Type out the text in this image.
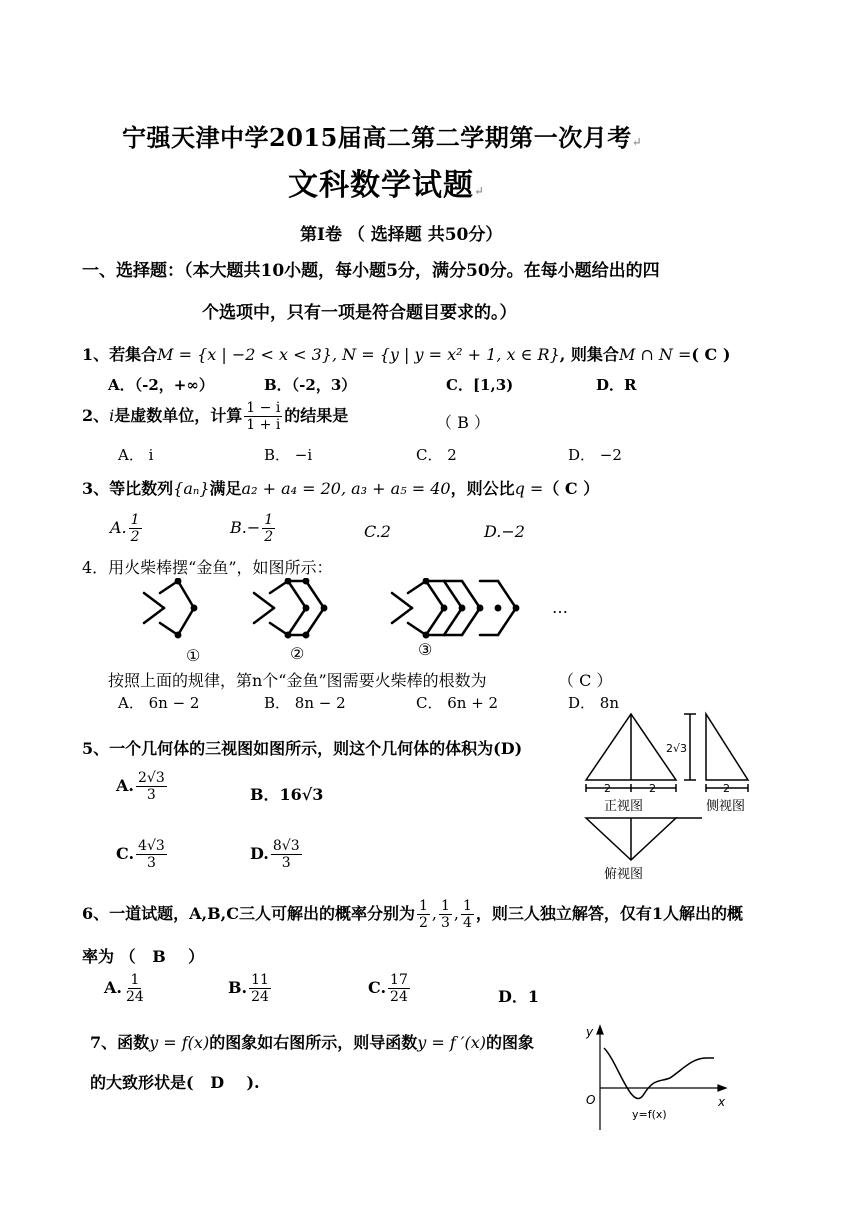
宁强天津中学2015届高二第二学期第一次月考↵
文科数学试题↵
第Ⅰ卷 （ 选择题 共50分）
一、选择题：（本大题共10小题，每小题5分，满分50分。在每小题给出的四
个选项中，只有一项是符合题目要求的。）
1、若集合M = {x | −2 < x < 3}, N = {y | y = x² + 1, x ∈ R}, 则集合M ∩ N =( C )
A．（-2，+∞）	B．（-2，3）	C．[1,3)	D．R
2、i是虚数单位，计算 $\frac{1 - i}{1 + i}$ 的结果是	（ B ）
A． i	B． −i	C． 2	D． −2
3、等比数列{aₙ}满足a₂ + a₄ = 20, a₃ + a₅ = 40，则公比q =（ C ）
A. $\frac{1}{2}$	$B.- \frac{1}{2}$	C.2	D.−2
4．用火柴棒摆“金鱼”，如图所示：
…
①	②	③
按照上面的规律，第n个“金鱼”图需要火柴棒的根数为	（ C ）
A． 6n − 2	B． 8n − 2	C． 6n + 2	D． 8n
5、一个几何体的三视图如图所示，则这个几何体的体积为(D)
A. $\frac{2√3}{3}$	B．16√3
C. $\frac{4√3}{3}$	D. $\frac{8√3}{3}$
2	2	2
2√3
正视图	侧视图
俯视图
6、一道试题，A,B,C三人可解出的概率分别为 $\frac{1}{2}$ , $\frac{1}{3}$ , $\frac{1}{4}$ ，则三人独立解答，仅有1人解出的概
率为 （ B ）
A. $\frac{1}{24}$	B. $\frac{11}{24}$	C. $\frac{17}{24}$	D．1
7、函数y = f(x)的图象如右图所示，则导函数y = f ′(x)的图象
的大致形状是( D ).
y
x
O
y=f(x)
